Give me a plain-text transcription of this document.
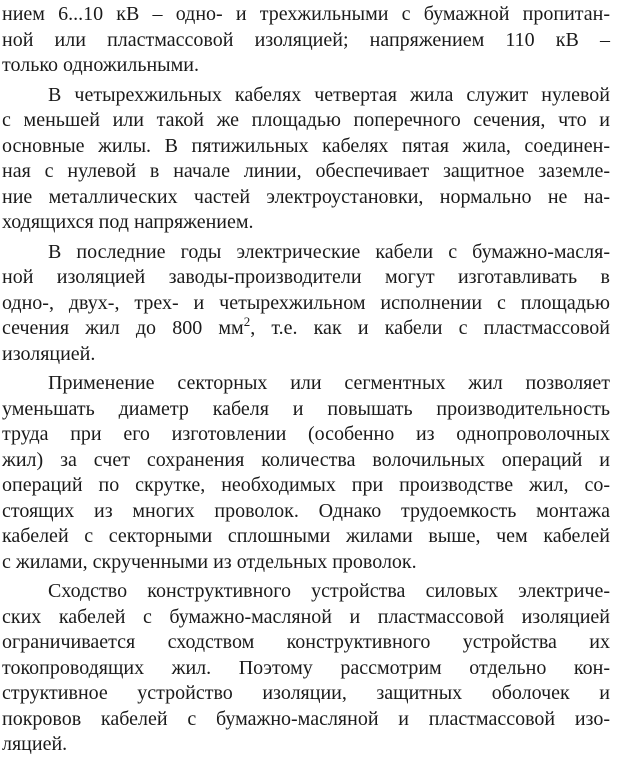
нием 6...10 кВ – одно- и трехжильными с бумажной пропитан-
ной или пластмассовой изоляцией; напряжением 110 кВ –
только одножильными.

В четырехжильных кабелях четвертая жила служит нулевой
с меньшей или такой же площадью поперечного сечения, что и
основные жилы. В пятижильных кабелях пятая жила, соединен-
ная с нулевой в начале линии, обеспечивает защитное заземле-
ние металлических частей электроустановки, нормально не на-
ходящихся под напряжением.

В последние годы электрические кабели с бумажно-масля-
ной изоляцией заводы-производители могут изготавливать в
одно-, двух-, трех- и четырехжильном исполнении с площадью
сечения жил до 800 $мм^2$, т.е. как и кабели с пластмассовой
изоляцией.

Применение секторных или сегментных жил позволяет
уменьшать диаметр кабеля и повышать производительность
труда при его изготовлении (особенно из однопроволочных
жил) за счет сохранения количества волочильных операций и
операций по скрутке, необходимых при производстве жил, со-
стоящих из многих проволок. Однако трудоемкость монтажа
кабелей с секторными сплошными жилами выше, чем кабелей
с жилами, скрученными из отдельных проволок.

Сходство конструктивного устройства силовых электриче-
ских кабелей с бумажно-масляной и пластмассовой изоляцией
ограничивается сходством конструктивного устройства их
токопроводящих жил. Поэтому рассмотрим отдельно кон-
структивное устройство изоляции, защитных оболочек и
покровов кабелей с бумажно-масляной и пластмассовой изо-
ляцией.
